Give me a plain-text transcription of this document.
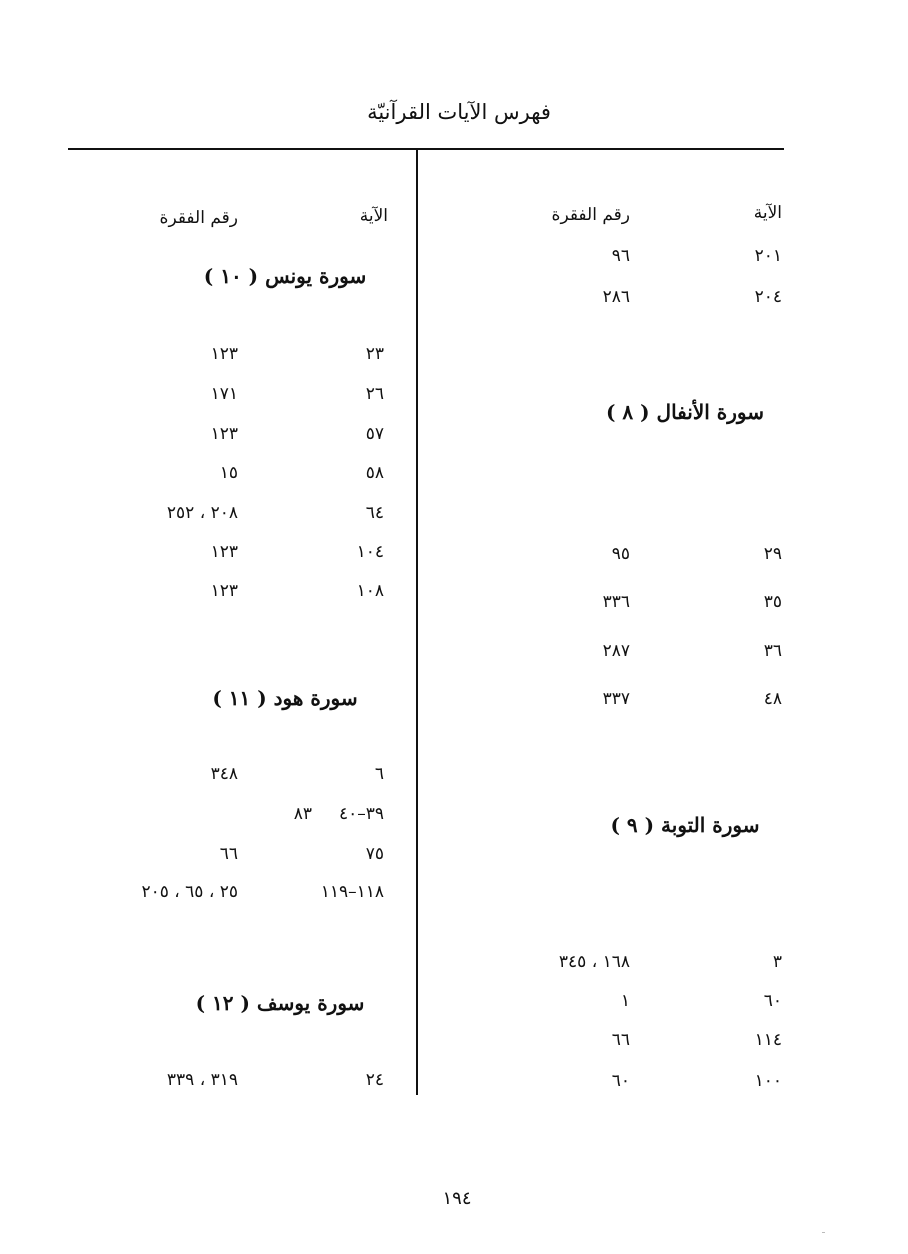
فهرس الآيات القرآنيّة
الآية
رقم الفقرة
٢٠١
٩٦
٢٠٤
٢٨٦
سورة الأنفال ( ٨ )
٢٩
٩٥
٣٥
٣٣٦
٣٦
٢٨٧
٤٨
٣٣٧
سورة التوبة ( ٩ )
٣
١٦٨ ، ٣٤٥
٦٠
١
١١٤
٦٦
١٠٠
٦٠
الآية
رقم الفقرة
سورة يونس ( ١٠ )
٢٣
١٢٣
٢٦
١٧١
٥٧
١٢٣
٥٨
١٥
٦٤
٢٠٨ ، ٢٥٢
١٠٤
١٢٣
١٠٨
١٢٣
سورة هود ( ١١ )
٦
٣٤٨
٣٩–٤٠
٨٣
٧٥
٦٦
١١٨–١١٩
٢٥ ، ٦٥ ، ٢٠٥
سورة يوسف ( ١٢ )
٢٤
٣١٩ ، ٣٣٩
١٩٤
